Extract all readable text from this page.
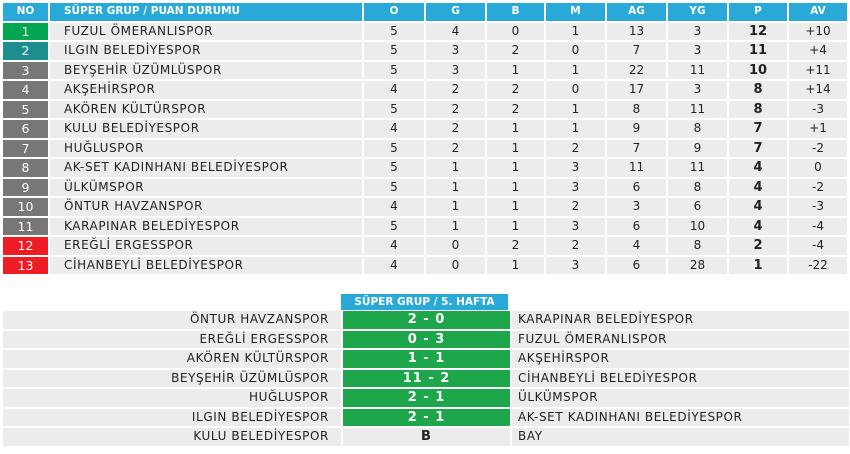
NO	SÜPER GRUP / PUAN DURUMU	O	G	B	M	AG	YG	P	AV
1	FUZUL ÖMERANLISPOR	5	4	0	1	13	3	12	+10
2	ILGIN BELEDİYESPOR	5	3	2	0	7	3	11	+4
3	BEYŞEHİR ÜZÜMLÜSPOR	5	3	1	1	22	11	10	+11
4	AKŞEHİRSPOR	4	2	2	0	17	3	8	+14
5	AKÖREN KÜLTÜRSPOR	5	2	2	1	8	11	8	-3
6	KULU BELEDİYESPOR	4	2	1	1	9	8	7	+1
7	HUĞLUSPOR	5	2	1	2	7	9	7	-2
8	AK-SET KADINHANI BELEDİYESPOR	5	1	1	3	11	11	4	0
9	ÜLKÜMSPOR	5	1	1	3	6	8	4	-2
10	ÖNTUR HAVZANSPOR	4	1	1	2	3	6	4	-3
11	KARAPINAR BELEDİYESPOR	5	1	1	3	6	10	4	-4
12	EREĞLİ ERGESSPOR	4	0	2	2	4	8	2	-4
13	CİHANBEYLİ BELEDİYESPOR	4	0	1	3	6	28	1	-22
SÜPER GRUP / 5. HAFTA
ÖNTUR HAVZANSPOR	2 - 0	KARAPINAR BELEDİYESPOR
EREĞLİ ERGESSPOR	0 - 3	FUZUL ÖMERANLISPOR
AKÖREN KÜLTÜRSPOR	1 - 1	AKŞEHİRSPOR
BEYŞEHİR ÜZÜMLÜSPOR	11 - 2	CİHANBEYLİ BELEDİYESPOR
HUĞLUSPOR	2 - 1	ÜLKÜMSPOR
ILGIN BELEDİYESPOR	2 - 1	AK-SET KADINHANI BELEDİYESPOR
KULU BELEDİYESPOR	B	BAY
